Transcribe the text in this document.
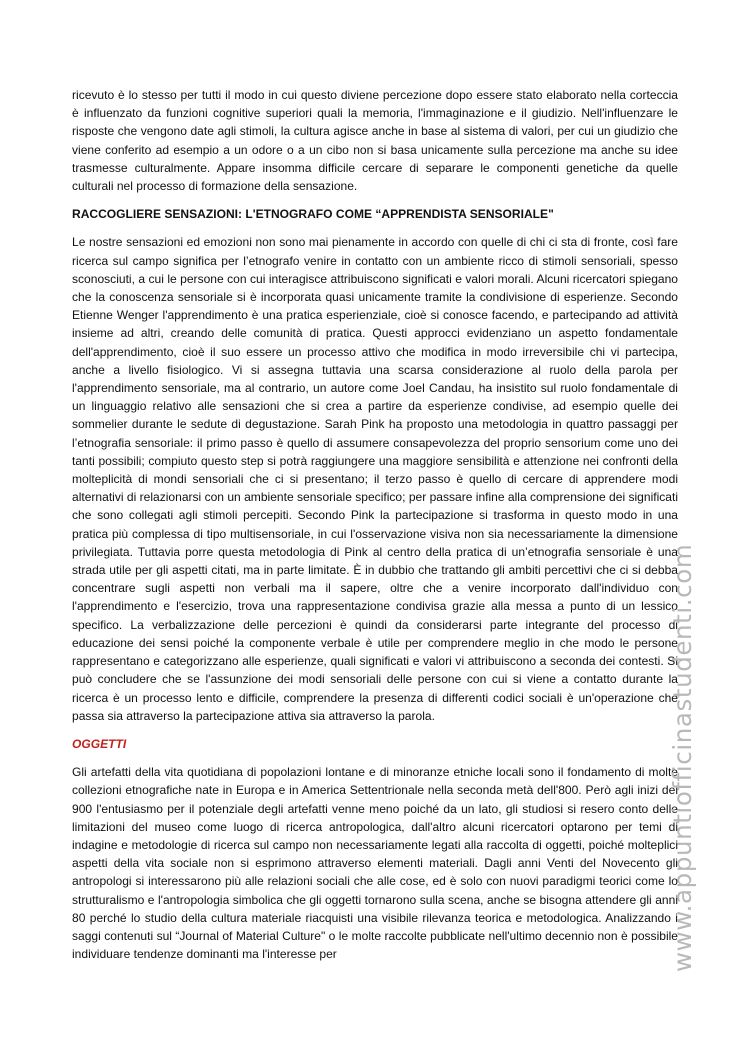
ricevuto è lo stesso per tutti il modo in cui questo diviene percezione dopo essere stato elaborato nella corteccia è influenzato da funzioni cognitive superiori quali la memoria, l'immaginazione e il giudizio. Nell'influenzare le risposte che vengono date agli stimoli, la cultura agisce anche in base al sistema di valori, per cui un giudizio che viene conferito ad esempio a un odore o a un cibo non si basa unicamente sulla percezione ma anche su idee trasmesse culturalmente. Appare insomma difficile cercare di separare le componenti genetiche da quelle culturali nel processo di formazione della sensazione.

RACCOGLIERE SENSAZIONI: L'ETNOGRAFO COME “APPRENDISTA SENSORIALE"

Le nostre sensazioni ed emozioni non sono mai pienamente in accordo con quelle di chi ci sta di fronte, così fare ricerca sul campo significa per l’etnografo venire in contatto con un ambiente ricco di stimoli sensoriali, spesso sconosciuti, a cui le persone con cui interagisce attribuiscono significati e valori morali. Alcuni ricercatori spiegano che la conoscenza sensoriale si è incorporata quasi unicamente tramite la condivisione di esperienze. Secondo Etienne Wenger l'apprendimento è una pratica esperienziale, cioè si conosce facendo, e partecipando ad attività insieme ad altri, creando delle comunità di pratica. Questi approcci evidenziano un aspetto fondamentale dell'apprendimento, cioè il suo essere un processo attivo che modifica in modo irreversibile chi vi partecipa, anche a livello fisiologico. Vi si assegna tuttavia una scarsa considerazione al ruolo della parola per l'apprendimento sensoriale, ma al contrario, un autore come Joel Candau, ha insistito sul ruolo fondamentale di un linguaggio relativo alle sensazioni che si crea a partire da esperienze condivise, ad esempio quelle dei sommelier durante le sedute di degustazione. Sarah Pink ha proposto una metodologia in quattro passaggi per l’etnografia sensoriale: il primo passo è quello di assumere consapevolezza del proprio sensorium come uno dei tanti possibili; compiuto questo step si potrà raggiungere una maggiore sensibilità e attenzione nei confronti della molteplicità di mondi sensoriali che ci si presentano; il terzo passo è quello di cercare di apprendere modi alternativi di relazionarsi con un ambiente sensoriale specifico; per passare infine alla comprensione dei significati che sono collegati agli stimoli percepiti. Secondo Pink la partecipazione si trasforma in questo modo in una pratica più complessa di tipo multisensoriale, in cui l'osservazione visiva non sia necessariamente la dimensione privilegiata. Tuttavia porre questa metodologia di Pink al centro della pratica di un’etnografia sensoriale è una strada utile per gli aspetti citati, ma in parte limitate. È in dubbio che trattando gli ambiti percettivi che ci si debba concentrare sugli aspetti non verbali ma il sapere, oltre che a venire incorporato dall'individuo con l'apprendimento e l'esercizio, trova una rappresentazione condivisa grazie alla messa a punto di un lessico specifico. La verbalizzazione delle percezioni è quindi da considerarsi parte integrante del processo di educazione dei sensi poiché la componente verbale è utile per comprendere meglio in che modo le persone rappresentano e categorizzano alle esperienze, quali significati e valori vi attribuiscono a seconda dei contesti. Si può concludere che se l'assunzione dei modi sensoriali delle persone con cui si viene a contatto durante la ricerca è un processo lento e difficile, comprendere la presenza di differenti codici sociali è un'operazione che passa sia attraverso la partecipazione attiva sia attraverso la parola.

OGGETTI

Gli artefatti della vita quotidiana di popolazioni lontane e di minoranze etniche locali sono il fondamento di molte collezioni etnografiche nate in Europa e in America Settentrionale nella seconda metà dell'800. Però agli inizi del 900 l'entusiasmo per il potenziale degli artefatti venne meno poiché da un lato, gli studiosi si resero conto delle limitazioni del museo come luogo di ricerca antropologica, dall'altro alcuni ricercatori optarono per temi di indagine e metodologie di ricerca sul campo non necessariamente legati alla raccolta di oggetti, poiché molteplici aspetti della vita sociale non si esprimono attraverso elementi materiali. Dagli anni Venti del Novecento gli antropologi si interessarono più alle relazioni sociali che alle cose, ed è solo con nuovi paradigmi teorici come lo strutturalismo e l'antropologia simbolica che gli oggetti tornarono sulla scena, anche se bisogna attendere gli anni 80 perché lo studio della cultura materiale riacquisti una visibile rilevanza teorica e metodologica. Analizzando i saggi contenuti sul “Journal of Material Culture" o le molte raccolte pubblicate nell'ultimo decennio non è possibile individuare tendenze dominanti ma l'interesse per	www.appuntiofficinastudenti.com
